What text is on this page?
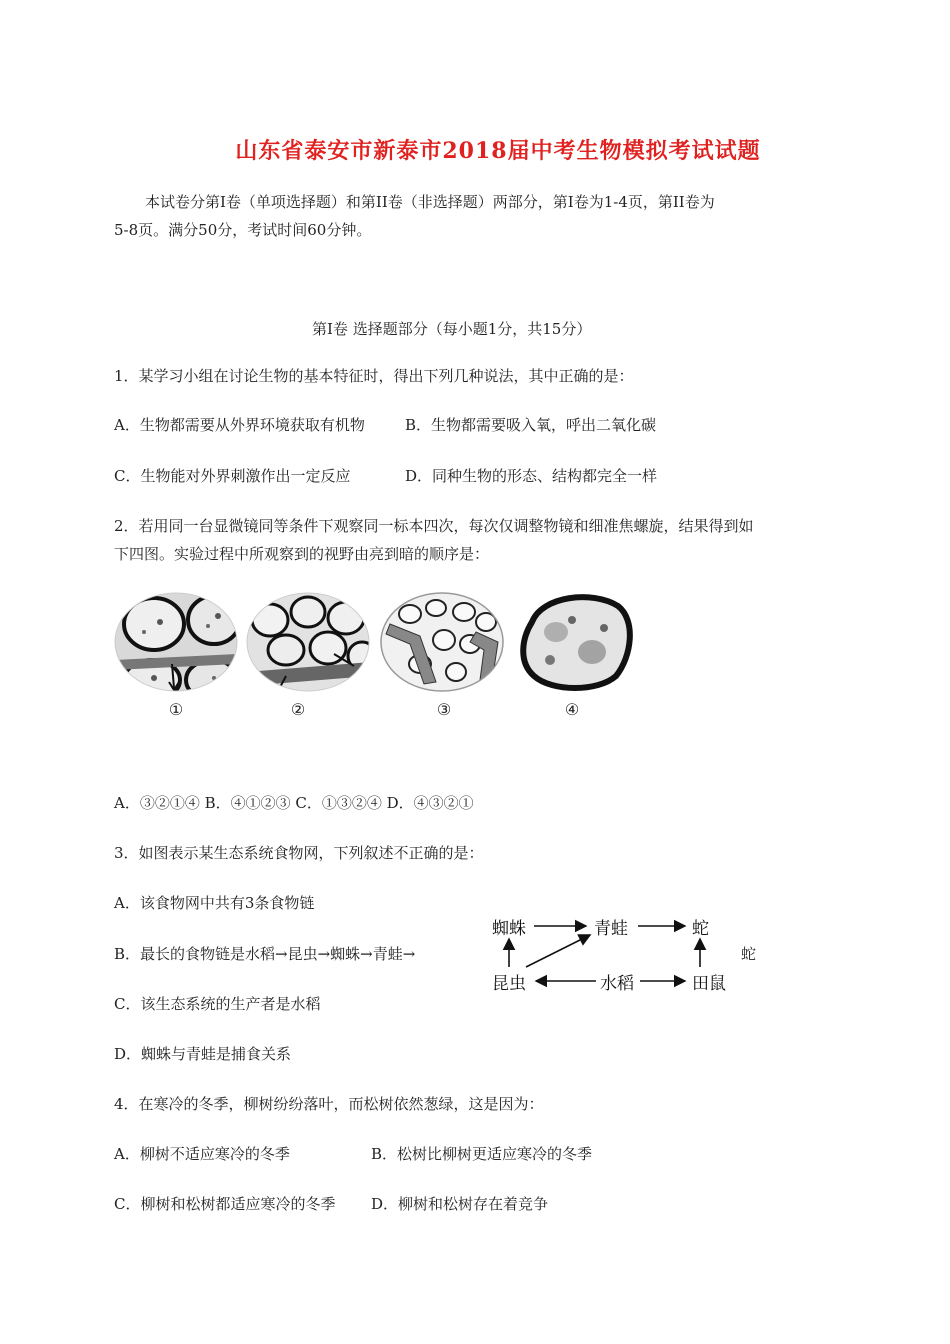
山东省泰安市新泰市2018届中考生物模拟考试试题
本试卷分第I卷（单项选择题）和第II卷（非选择题）两部分，第I卷为1-4页，第II卷为
5-8页。满分50分，考试时间60分钟。
第I卷 选择题部分（每小题1分，共15分）
1．某学习小组在讨论生物的基本特征时，得出下列几种说法，其中正确的是：
A．生物都需要从外界环境获取有机物	B．生物都需要吸入氧，呼出二氧化碳
C．生物能对外界刺激作出一定反应	D．同种生物的形态、结构都完全一样
2．若用同一台显微镜同等条件下观察同一标本四次，每次仅调整物镜和细准焦螺旋，结果得到如
下四图。实验过程中所观察到的视野由亮到暗的顺序是：
①	②	③	④
A．③②①④ B．④①②③ C．①③②④ D．④③②①
3．如图表示某生态系统食物网，下列叙述不正确的是：
A．该食物网中共有3条食物链
B．最长的食物链是水稻→昆虫→蜘蛛→青蛙→	蛇
C．该生态系统的生产者是水稻
D．蜘蛛与青蛙是捕食关系
蜘蛛	青蛙	蛇
昆虫	水稻	田鼠
4．在寒冷的冬季，柳树纷纷落叶，而松树依然葱绿，这是因为：
A．柳树不适应寒冷的冬季	B．松树比柳树更适应寒冷的冬季
C．柳树和松树都适应寒冷的冬季 D．柳树和松树存在着竞争
